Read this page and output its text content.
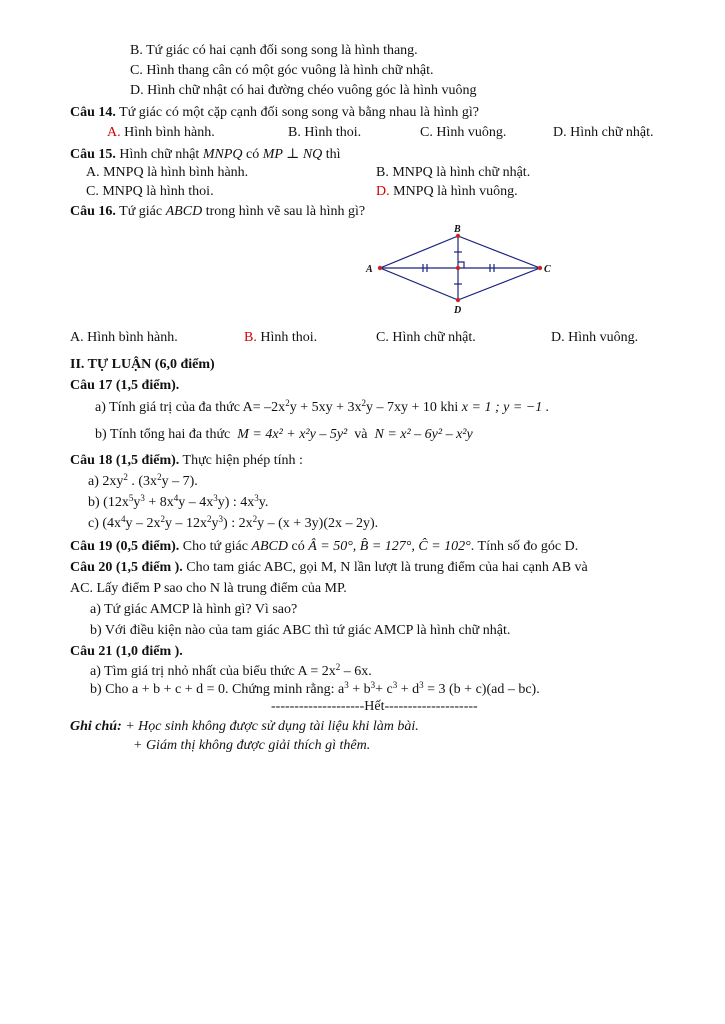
B. Tứ giác có hai cạnh đối song song là hình thang.
C. Hình thang cân có một góc vuông là hình chữ nhật.
D. Hình chữ nhật có hai đường chéo vuông góc là hình vuông
Câu 14. Tứ giác có một cặp cạnh đối song song và bằng nhau là hình gì?
A. Hình bình hành.	B. Hình thoi.	C. Hình vuông.	D. Hình chữ nhật.
Câu 15. Hình chữ nhật MNPQ có MP ⊥ NQ thì
A. MNPQ là hình bình hành.	B. MNPQ là hình chữ nhật.
C. MNPQ là hình thoi.	D. MNPQ là hình vuông.
Câu 16. Tứ giác ABCD trong hình vẽ sau là hình gì?
A
B
C
D
A. Hình bình hành.	B. Hình thoi.	C. Hình chữ nhật.	D. Hình vuông.
II. TỰ LUẬN (6,0 điểm)
Câu 17 (1,5 điểm).
a) Tính giá trị của đa thức $A= -2x^2y + 5xy + 3x^2y - 7xy + 10$ khi x = 1 ; y = −1 .
b) Tính tổng hai đa thức M = 4x² + x²y – 5y² và N = x² – 6y² – x²y
Câu 18 (1,5 điểm). Thực hiện phép tính :
a) $2xy^2$ . $(3x^2y - 7)$.
b) $(12x^5y^3 + 8x^4y - 4x^3y)$ : $4x^3y$.
c) $(4x^4y - 2x^2y - 12x^2y^3)$ : $2x^2y - (x + 3y)(2x - 2y)$.
Câu 19 (0,5 điểm). Cho tứ giác ABCD có Â = 50°, B̂ = 127°, Ĉ = 102°. Tính số đo góc D.
Câu 20 (1,5 điểm ). Cho tam giác ABC, gọi M, N lần lượt là trung điểm của hai cạnh AB và
AC. Lấy điểm P sao cho N là trung điểm của MP.
a) Tứ giác AMCP là hình gì? Vì sao?
b) Với điều kiện nào của tam giác ABC thì tứ giác AMCP là hình chữ nhật.
Câu 21 (1,0 điểm ).
a) Tìm giá trị nhỏ nhất của biểu thức $A = 2x^2 - 6x$.
b) Cho a + b + c + d = 0. Chứng minh rằng: $a^3 + b^3+ c^3 + d^3 = 3$ (b + c)(ad – bc).
--------------------Hết--------------------
Ghi chú: + Học sinh không được sử dụng tài liệu khi làm bài.
+ Giám thị không được giải thích gì thêm.
